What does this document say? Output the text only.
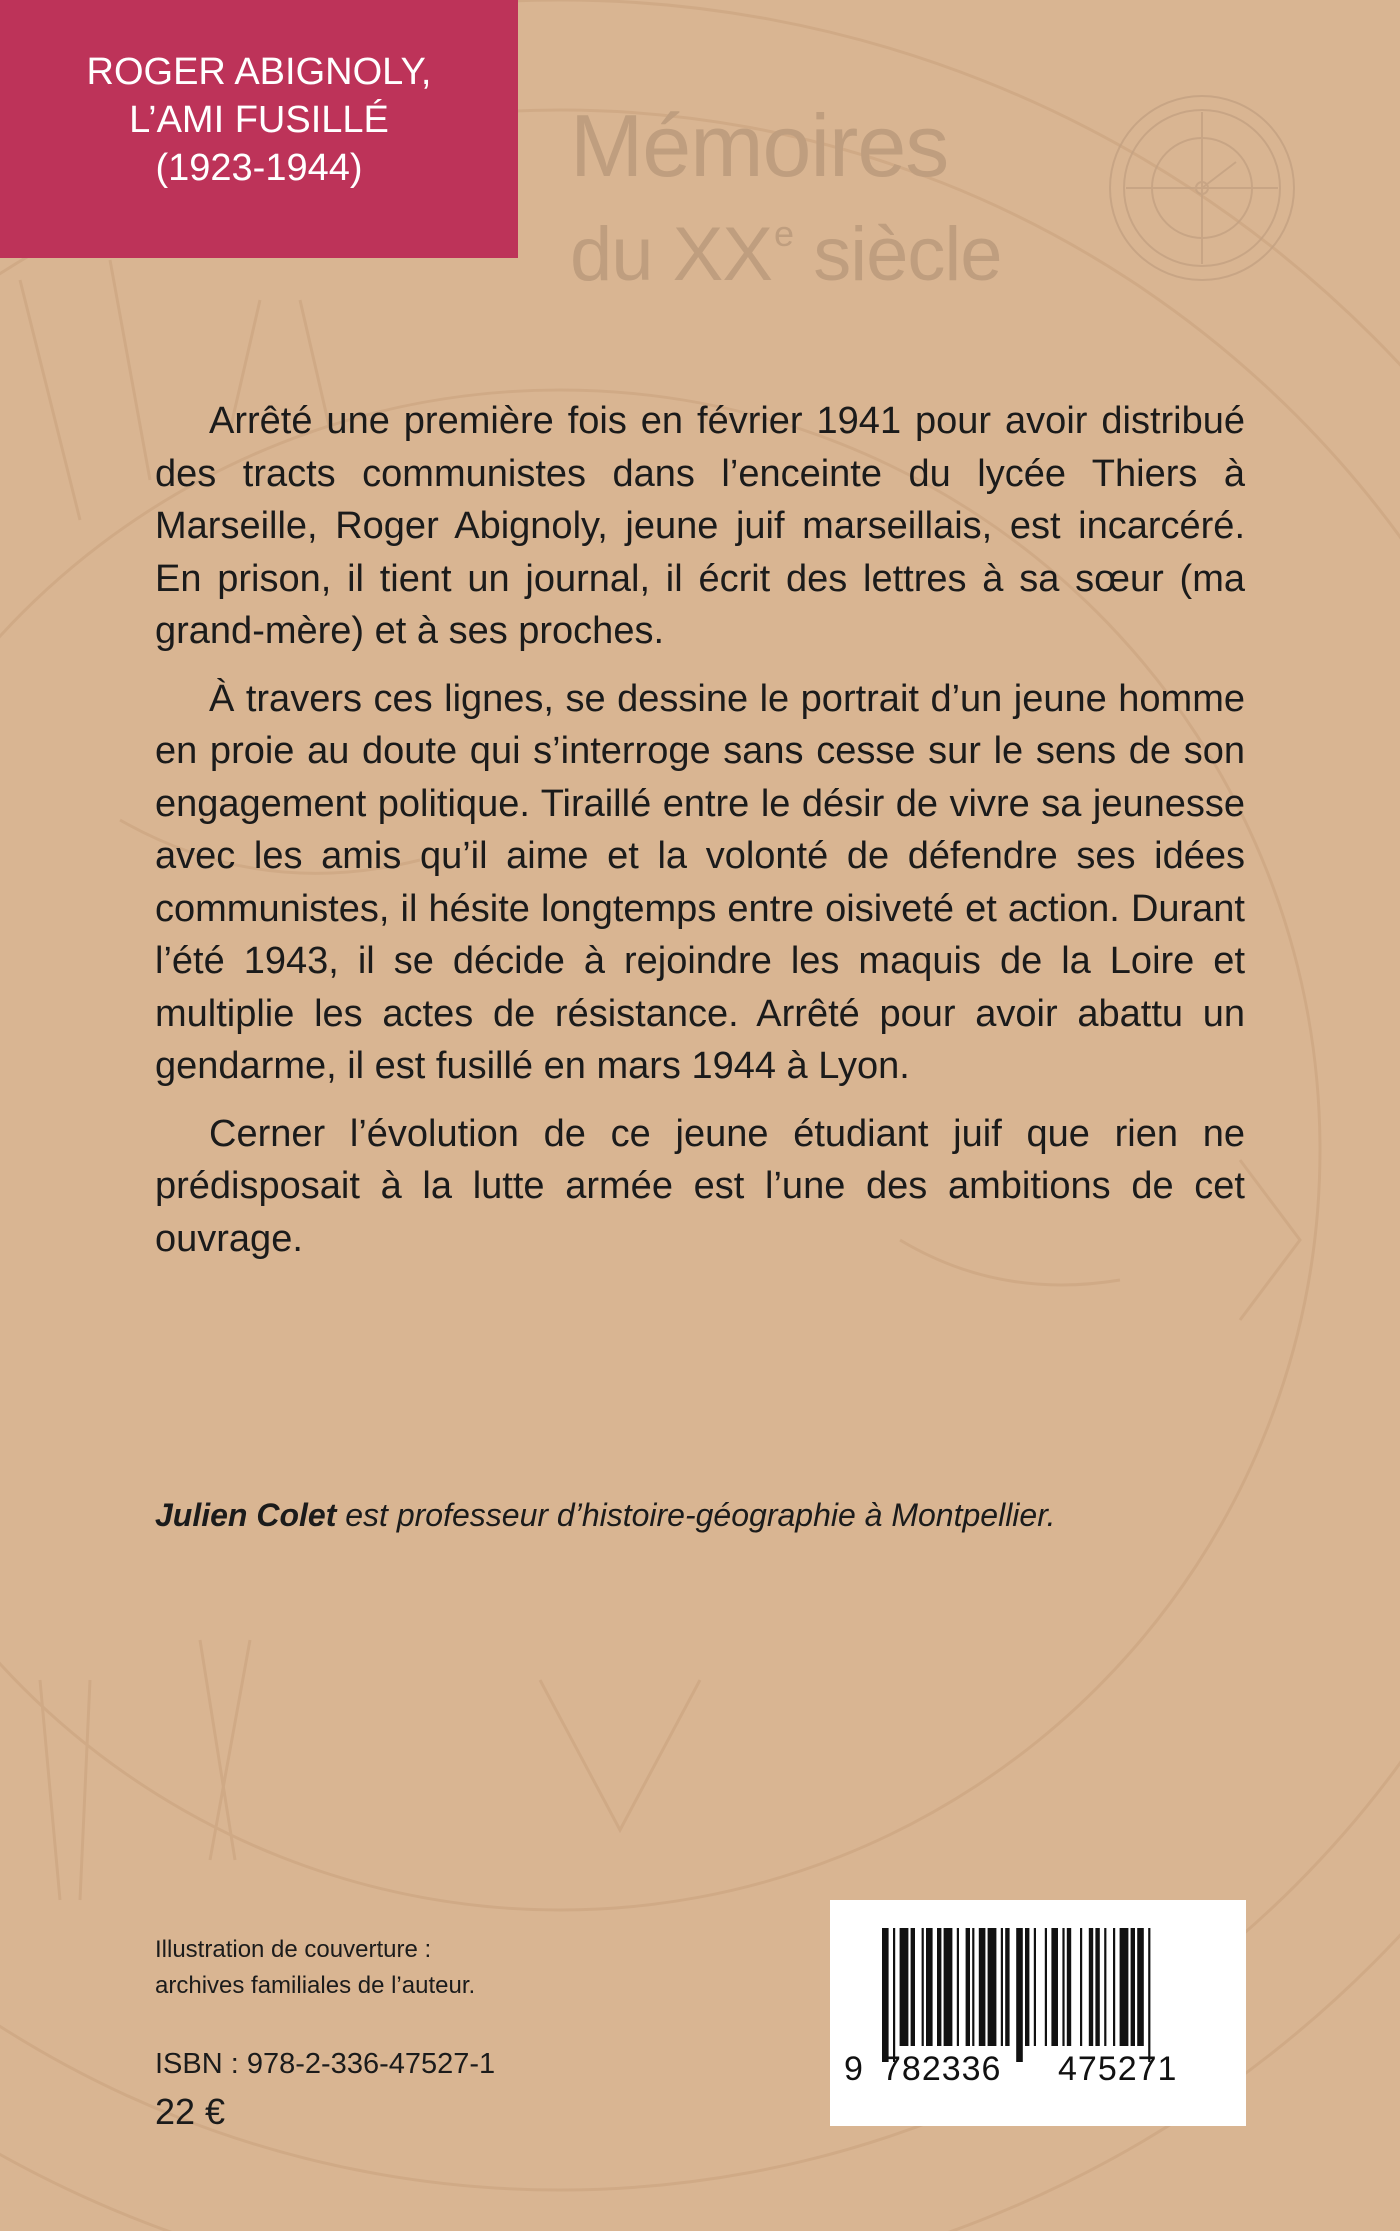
ROGER ABIGNOLY,
L’AMI FUSILLÉ
(1923-1944)	Mémoires
du XXe siècle

Arrêté une première fois en février 1941 pour avoir distribué des tracts communistes dans l’enceinte du lycée Thiers à Marseille, Roger Abignoly, jeune juif marseillais, est incarcéré. En prison, il tient un journal, il écrit des lettres à sa sœur (ma grand-mère) et à ses proches.

À travers ces lignes, se dessine le portrait d’un jeune homme en proie au doute qui s’interroge sans cesse sur le sens de son engagement politique. Tiraillé entre le désir de vivre sa jeunesse avec les amis qu’il aime et la volonté de défendre ses idées communistes, il hésite longtemps entre oisiveté et action. Durant l’été 1943, il se décide à rejoindre les maquis de la Loire et multiplie les actes de résistance. Arrêté pour avoir abattu un gendarme, il est fusillé en mars 1944 à Lyon.

Cerner l’évolution de ce jeune étudiant juif que rien ne prédisposait à la lutte armée est l’une des ambitions de cet ouvrage.

Julien Colet est professeur d’histoire-géographie à Montpellier.
Illustration de couverture :
archives familiales de l’auteur.
ISBN : 978-2-336-47527-1
22 €
9 782336 475271
